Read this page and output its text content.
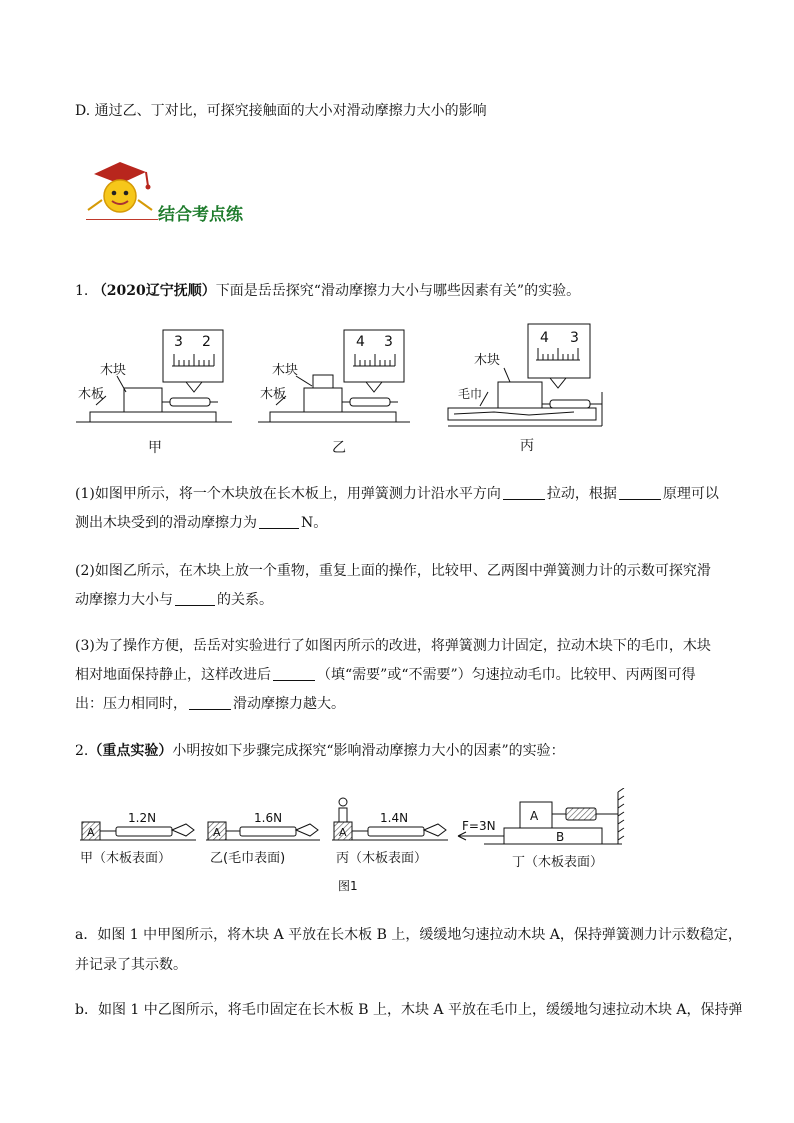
D. 通过乙、丁对比，可探究接触面的大小对滑动摩擦力大小的影响
结合考点练
1. （2020辽宁抚顺）下面是岳岳探究“滑动摩擦力大小与哪些因素有关”的实验。
3 2
木块
木板
甲
4 3
木块
木板
乙
4 3
木块
毛巾
丙
(1)如图甲所示，将一个木块放在长木板上，用弹簧测力计沿水平方向	拉动，根据	原理可以
测出木块受到的滑动摩擦力为	N。
(2)如图乙所示，在木块上放一个重物，重复上面的操作，比较甲、乙两图中弹簧测力计的示数可探究滑
动摩擦力大小与	的关系。
(3)为了操作方便，岳岳对实验进行了如图丙所示的改进，将弹簧测力计固定，拉动木块下的毛巾，木块
相对地面保持静止，这样改进后	（填“需要”或“不需要”）匀速拉动毛巾。比较甲、丙两图可得
出：压力相同时，	滑动摩擦力越大。
2.（重点实验）小明按如下步骤完成探究“影响滑动摩擦力大小的因素”的实验：
1.2N
A
甲（木板表面）
1.6N
A
乙(毛巾表面)
1.4N
A
丙（木板表面）
F=3N
A
B
丁（木板表面）
图1
a．如图 1 中甲图所示，将木块 A 平放在长木板 B 上，缓缓地匀速拉动木块 A，保持弹簧测力计示数稳定，
并记录了其示数。
b．如图 1 中乙图所示，将毛巾固定在长木板 B 上，木块 A 平放在毛巾上，缓缓地匀速拉动木块 A，保持弹
